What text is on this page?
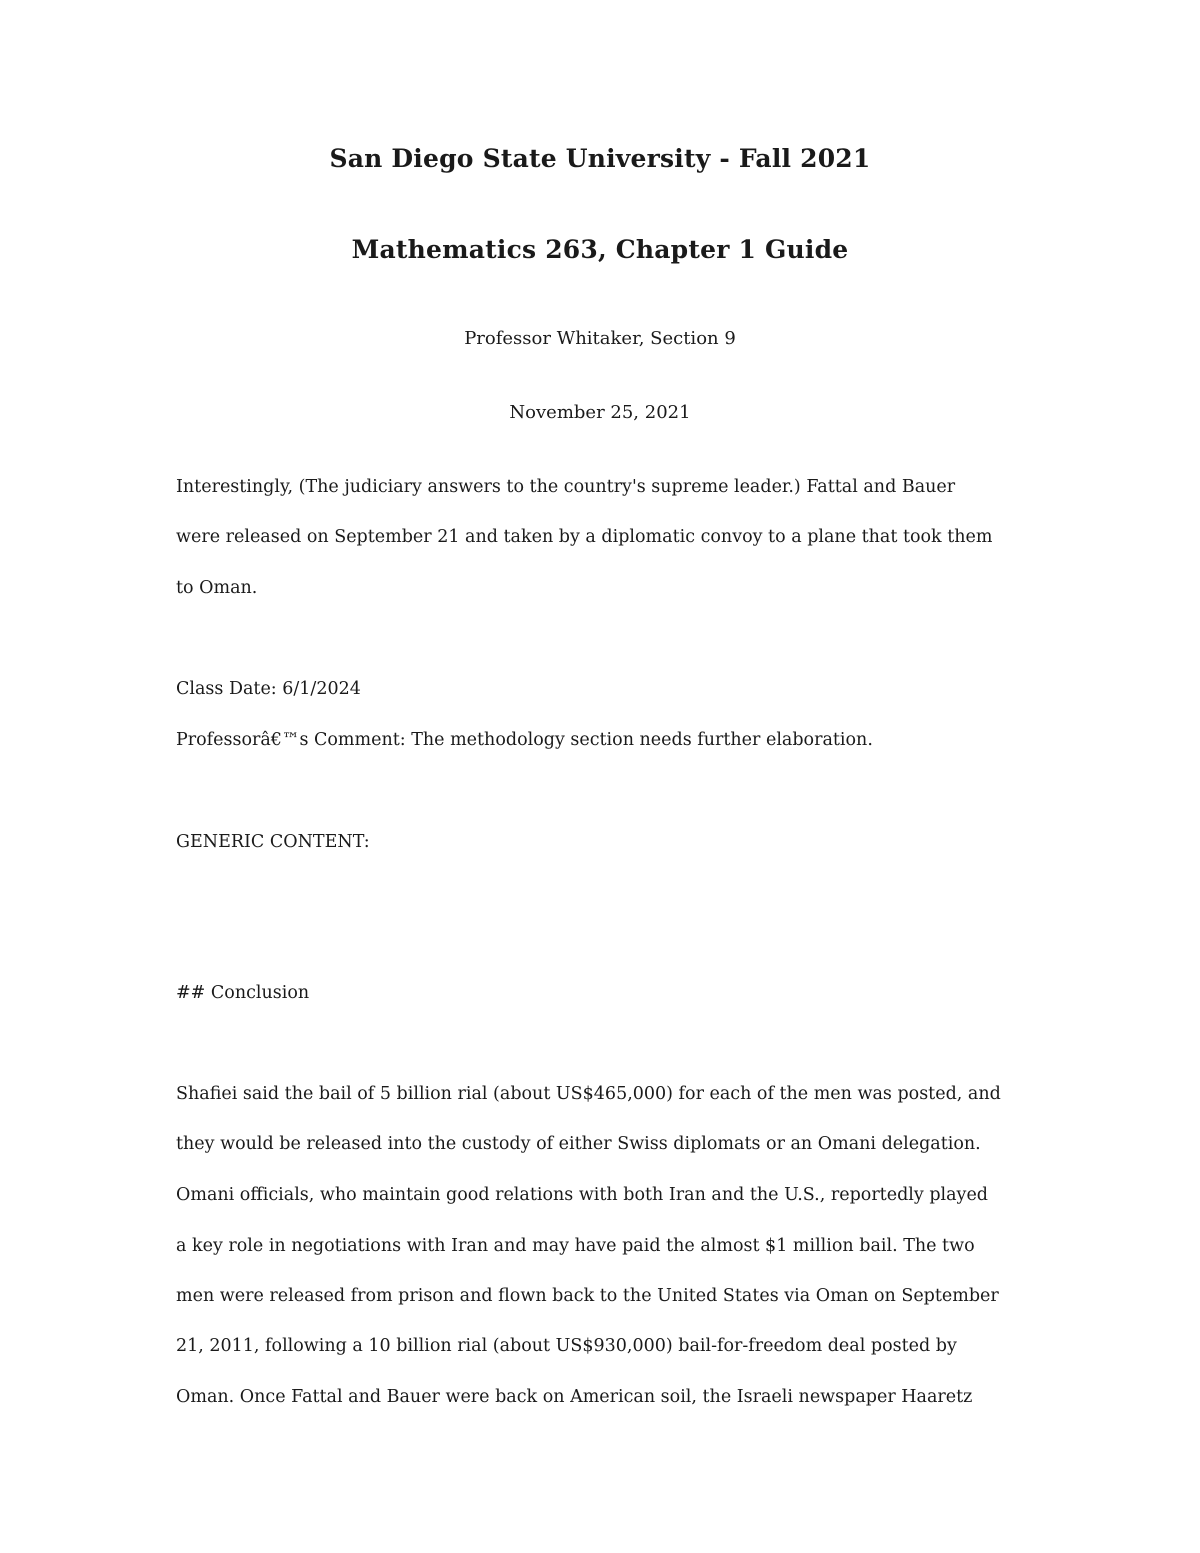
San Diego State University - Fall 2021
Mathematics 263, Chapter 1 Guide
Professor Whitaker, Section 9
November 25, 2021
Interestingly, (The judiciary answers to the country's supreme leader.) Fattal and Bauer
were released on September 21 and taken by a diplomatic convoy to a plane that took them
to Oman.
Class Date: 6/1/2024
Professorâ€™s Comment: The methodology section needs further elaboration.
GENERIC CONTENT:
## Conclusion
Shafiei said the bail of 5 billion rial (about US$465,000) for each of the men was posted, and
they would be released into the custody of either Swiss diplomats or an Omani delegation.
Omani officials, who maintain good relations with both Iran and the U.S., reportedly played
a key role in negotiations with Iran and may have paid the almost $1 million bail. The two
men were released from prison and flown back to the United States via Oman on September
21, 2011, following a 10 billion rial (about US$930,000) bail-for-freedom deal posted by
Oman. Once Fattal and Bauer were back on American soil, the Israeli newspaper Haaretz
